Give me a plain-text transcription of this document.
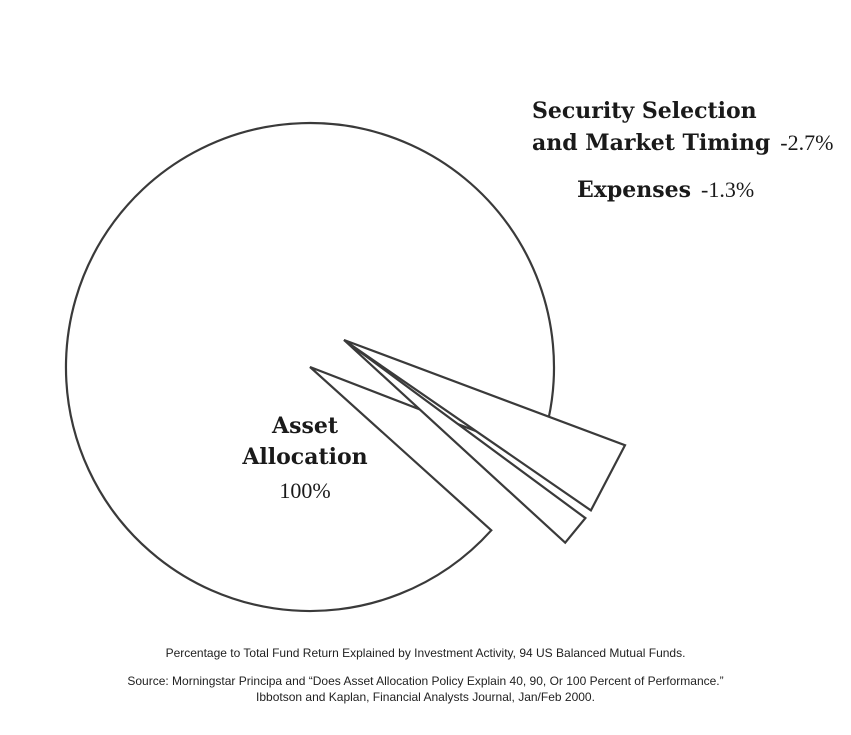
Security Selection and Market Timing -2.7%
Expenses -1.3%
Asset
Allocation
100%
Percentage to Total Fund Return Explained by Investment Activity, 94 US Balanced Mutual Funds.
Source: Morningstar Principa and “Does Asset Allocation Policy Explain 40, 90, Or 100 Percent of Performance.”
Ibbotson and Kaplan, Financial Analysts Journal, Jan/Feb 2000.
